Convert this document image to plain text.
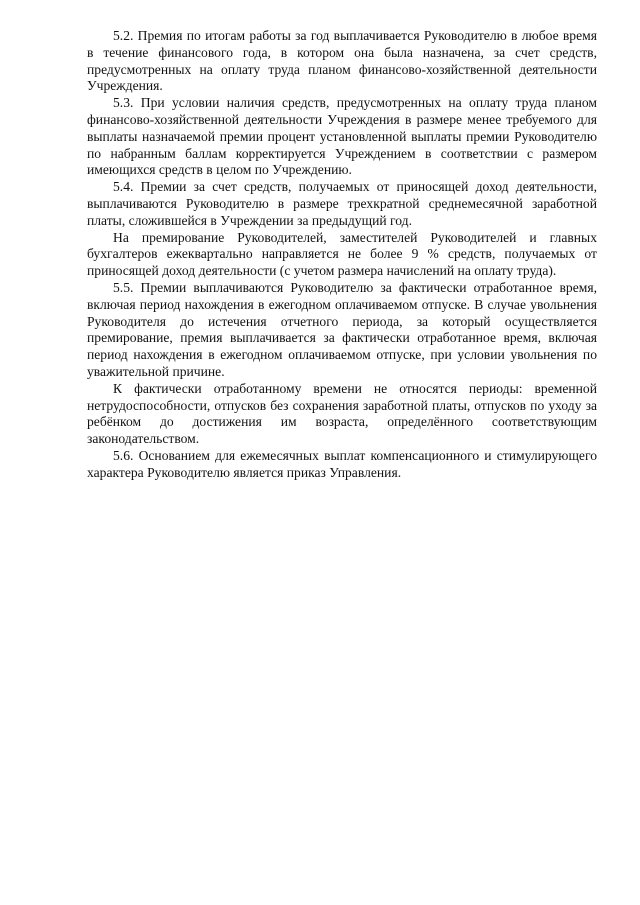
5.2. Премия по итогам работы за год выплачивается Руководителю в любое время в течение финансового года, в котором она была назначена, за счет средств, предусмотренных на оплату труда планом финансово-хозяйственной деятельности Учреждения.

5.3. При условии наличия средств, предусмотренных на оплату труда планом финансово-хозяйственной деятельности Учреждения в размере менее требуемого для выплаты назначаемой премии процент установленной выплаты премии Руководителю по набранным баллам корректируется Учреждением в соответствии с размером имеющихся средств в целом по Учреждению.

5.4. Премии за счет средств, получаемых от приносящей доход деятельности, выплачиваются Руководителю в размере трехкратной среднемесячной заработной платы, сложившейся в Учреждении за предыдущий год.

На премирование Руководителей, заместителей Руководителей и главных бухгалтеров ежеквартально направляется не более 9 % средств, получаемых от приносящей доход деятельности (с учетом размера начислений на оплату труда).

5.5. Премии выплачиваются Руководителю за фактически отработанное время, включая период нахождения в ежегодном оплачиваемом отпуске. В случае увольнения Руководителя до истечения отчетного периода, за который осуществляется премирование, премия выплачивается за фактически отработанное время, включая период нахождения в ежегодном оплачиваемом отпуске, при условии увольнения по уважительной причине.

К фактически отработанному времени не относятся периоды: временной нетрудоспособности, отпусков без сохранения заработной платы, отпусков по уходу за ребёнком до достижения им возраста, определённого соответствующим законодательством.

5.6. Основанием для ежемесячных выплат компенсационного и стимулирующего характера Руководителю является приказ Управления.
